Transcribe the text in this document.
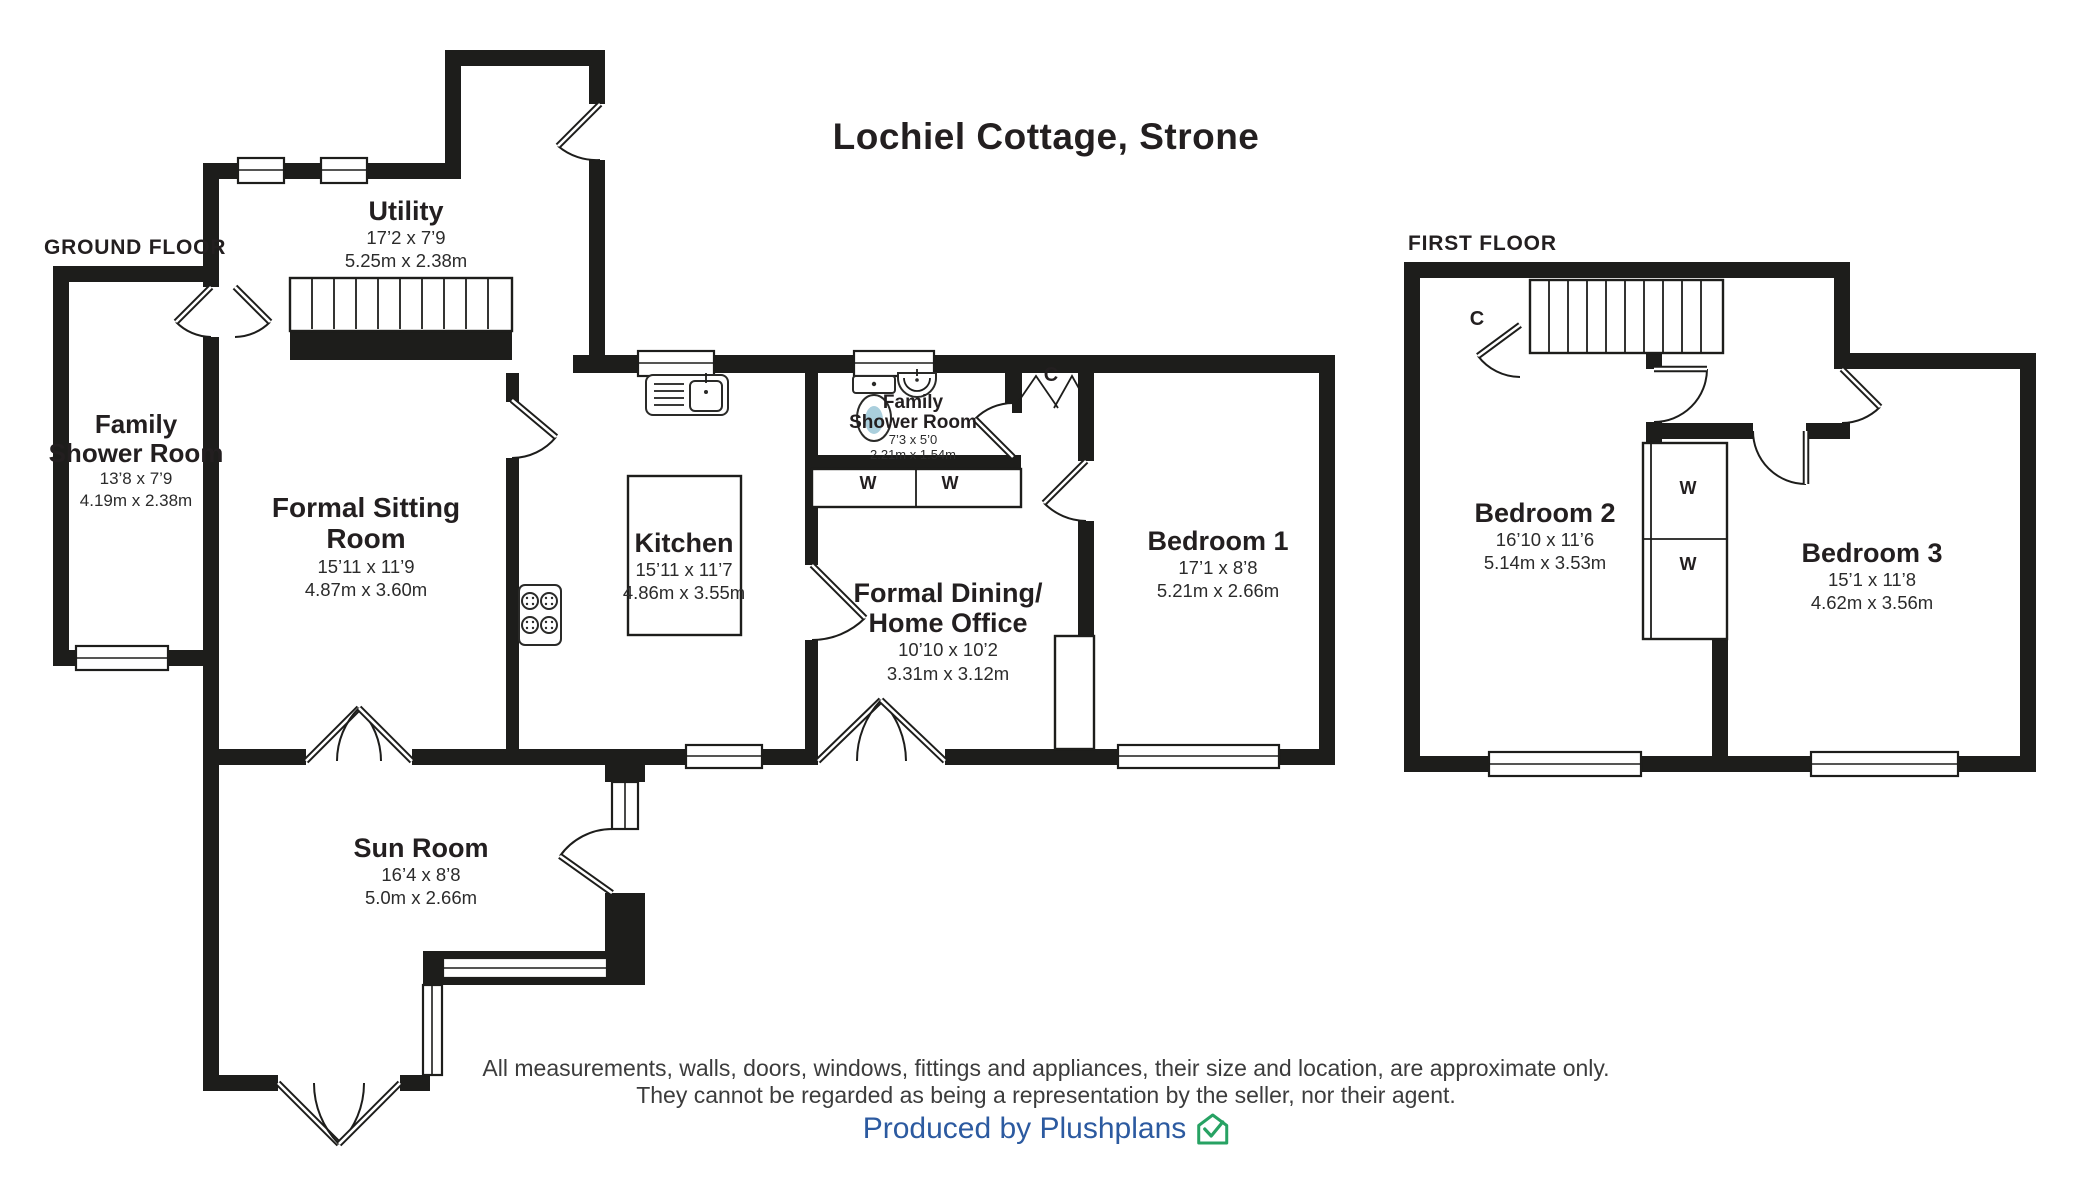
Lochiel Cottage, Strone
GROUND FLOOR	FIRST FLOOR
Utility
17’2 x 7’9
5.25m x 2.38m
Family Shower Room
13’8 x 7’9
4.19m x 2.38m	Formal Sitting Room
15’11 x 11’9
4.87m x 3.60m
Kitchen
15’11 x 11’7
4.86m x 3.55m
Family Shower Room
7’3 x 5’0
2.21m x 1.54m
Formal Dining/ Home Office
10’10 x 10’2
3.31m x 3.12m
Bedroom 1
17’1 x 8’8
5.21m x 2.66m
Sun Room
16’4 x 8’8
5.0m x 2.66m
Bedroom 2
16’10 x 11’6
5.14m x 3.53m	Bedroom 3
15’1 x 11’8
4.62m x 3.56m
W	W
C
W
W
C
All measurements, walls, doors, windows, fittings and appliances, their size and location, are approximate only.
They cannot be regarded as being a representation by the seller, nor their agent.
Produced by Plushplans
